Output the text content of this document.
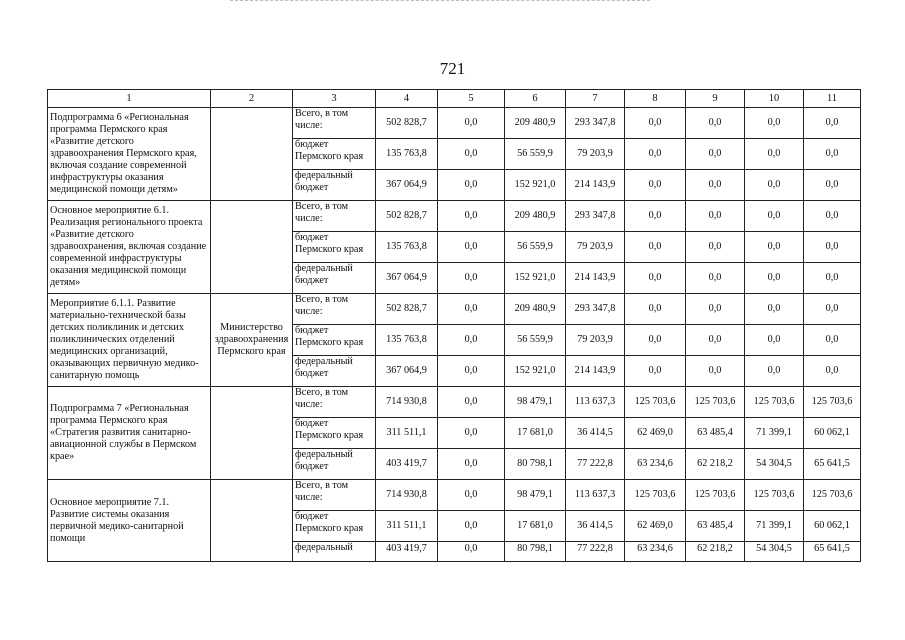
721
1	2	3	4	5	6	7	8	9	10	11
Подпрограмма 6 «Региональная программа Пермского края «Развитие детского здравоохранения Пермского края, включая создание современной инфраструктуры оказания медицинской помощи детям»		Всего, в том числе:	502 828,7	0,0	209 480,9	293 347,8	0,0	0,0	0,0	0,0
		бюджет Пермского края	135 763,8	0,0	56 559,9	79 203,9	0,0	0,0	0,0	0,0
		федеральный бюджет	367 064,9	0,0	152 921,0	214 143,9	0,0	0,0	0,0	0,0
Основное мероприятие 6.1. Реализация регионального проекта «Развитие детского здравоохранения, включая создание современной инфраструктуры оказания медицинской помощи детям»		Всего, в том числе:	502 828,7	0,0	209 480,9	293 347,8	0,0	0,0	0,0	0,0
		бюджет Пермского края	135 763,8	0,0	56 559,9	79 203,9	0,0	0,0	0,0	0,0
		федеральный бюджет	367 064,9	0,0	152 921,0	214 143,9	0,0	0,0	0,0	0,0
Мероприятие 6.1.1. Развитие материально-технической базы детских поликлиник и детских поликлинических отделений медицинских организаций, оказывающих первичную медико-санитарную помощь	Министерство здравоохранения Пермского края	Всего, в том числе:	502 828,7	0,0	209 480,9	293 347,8	0,0	0,0	0,0	0,0
		бюджет Пермского края	135 763,8	0,0	56 559,9	79 203,9	0,0	0,0	0,0	0,0
		федеральный бюджет	367 064,9	0,0	152 921,0	214 143,9	0,0	0,0	0,0	0,0
Подпрограмма 7 «Региональная программа Пермского края «Стратегия развития санитарно-авиационной службы в Пермском крае»		Всего, в том числе:	714 930,8	0,0	98 479,1	113 637,3	125 703,6	125 703,6	125 703,6	125 703,6
		бюджет Пермского края	311 511,1	0,0	17 681,0	36 414,5	62 469,0	63 485,4	71 399,1	60 062,1
		федеральный бюджет	403 419,7	0,0	80 798,1	77 222,8	63 234,6	62 218,2	54 304,5	65 641,5
Основное мероприятие 7.1. Развитие системы оказания первичной медико-санитарной помощи		Всего, в том числе:	714 930,8	0,0	98 479,1	113 637,3	125 703,6	125 703,6	125 703,6	125 703,6
		бюджет Пермского края	311 511,1	0,0	17 681,0	36 414,5	62 469,0	63 485,4	71 399,1	60 062,1
		федеральный	403 419,7	0,0	80 798,1	77 222,8	63 234,6	62 218,2	54 304,5	65 641,5
